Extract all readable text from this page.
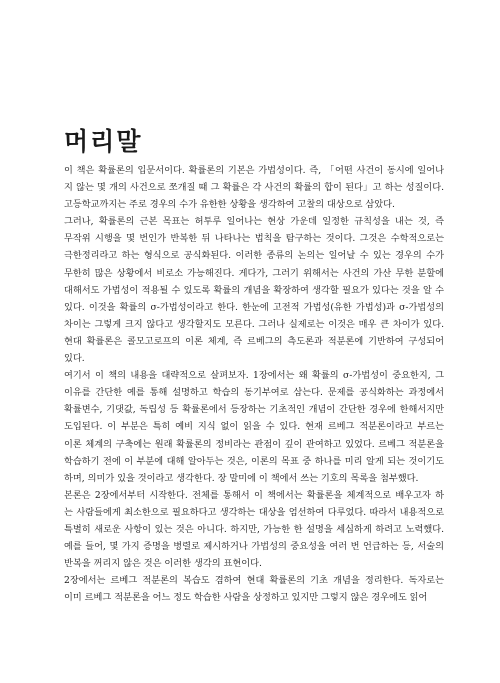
머리말
이 책은 확률론의 입문서이다. 확률론의 기본은 가법성이다. 즉, 「어떤 사건이 동시에 일어나
지 않는 몇 개의 사건으로 쪼개질 때 그 확률은 각 사건의 확률의 합이 된다」고 하는 성질이다.
고등학교까지는 주로 경우의 수가 유한한 상황을 생각하여 고찰의 대상으로 삼았다.
그러나, 확률론의 근본 목표는 허투루 일어나는 현상 가운데 일정한 규칙성을 내는 것, 즉
무작위 시행을 몇 번인가 반복한 뒤 나타나는 법칙을 탐구하는 것이다. 그것은 수학적으로는
극한정리라고 하는 형식으로 공식화된다. 이러한 종류의 논의는 일어날 수 있는 경우의 수가
무한히 많은 상황에서 비로소 가능해진다. 게다가, 그러기 위해서는 사건의 가산 무한 분할에
대해서도 가법성이 적용될 수 있도록 확률의 개념을 확장하여 생각할 필요가 있다는 것을 알 수
있다. 이것을 확률의 σ-가법성이라고 한다. 한눈에 고전적 가법성(유한 가법성)과 σ-가법성의
차이는 그렇게 크지 않다고 생각할지도 모른다. 그러나 실제로는 이것은 매우 큰 차이가 있다.
현대 확률론은 콜모고로프의 이론 체계, 즉 르베그의 측도론과 적분론에 기반하여 구성되어
있다.
여기서 이 책의 내용을 대략적으로 살펴보자. 1장에서는 왜 확률의 σ-가법성이 중요한지, 그
이유를 간단한 예를 통해 설명하고 학습의 동기부여로 삼는다. 문제를 공식화하는 과정에서
확률변수, 기댓값, 독립성 등 확률론에서 등장하는 기초적인 개념이 간단한 경우에 한해서지만
도입된다. 이 부분은 특히 예비 지식 없이 읽을 수 있다. 현재 르베그 적분론이라고 부르는
이론 체계의 구축에는 원래 확률론의 정비라는 관점이 깊이 관여하고 있었다. 르베그 적분론을
학습하기 전에 이 부분에 대해 알아두는 것은, 이론의 목표 중 하나를 미리 알게 되는 것이기도
하며, 의미가 있을 것이라고 생각한다. 장 말미에 이 책에서 쓰는 기호의 목록을 첨부했다.
본론은 2장에서부터 시작한다. 전체를 통해서 이 책에서는 확률론을 체계적으로 배우고자 하
는 사람들에게 최소한으로 필요하다고 생각하는 대상을 엄선하여 다루었다. 따라서 내용적으로
특별히 새로운 사항이 있는 것은 아니다. 하지만, 가능한 한 설명을 세심하게 하려고 노력했다.
예를 들어, 몇 가지 증명을 병렬로 제시하거나 가법성의 중요성을 여러 번 언급하는 등, 서술의
반복을 꺼리지 않은 것은 이러한 생각의 표현이다.
2장에서는 르베그 적분론의 복습도 겸하여 현대 확률론의 기초 개념을 정리한다. 독자로는
이미 르베그 적분론을 어느 정도 학습한 사람을 상정하고 있지만 그렇지 않은 경우에도 읽어
